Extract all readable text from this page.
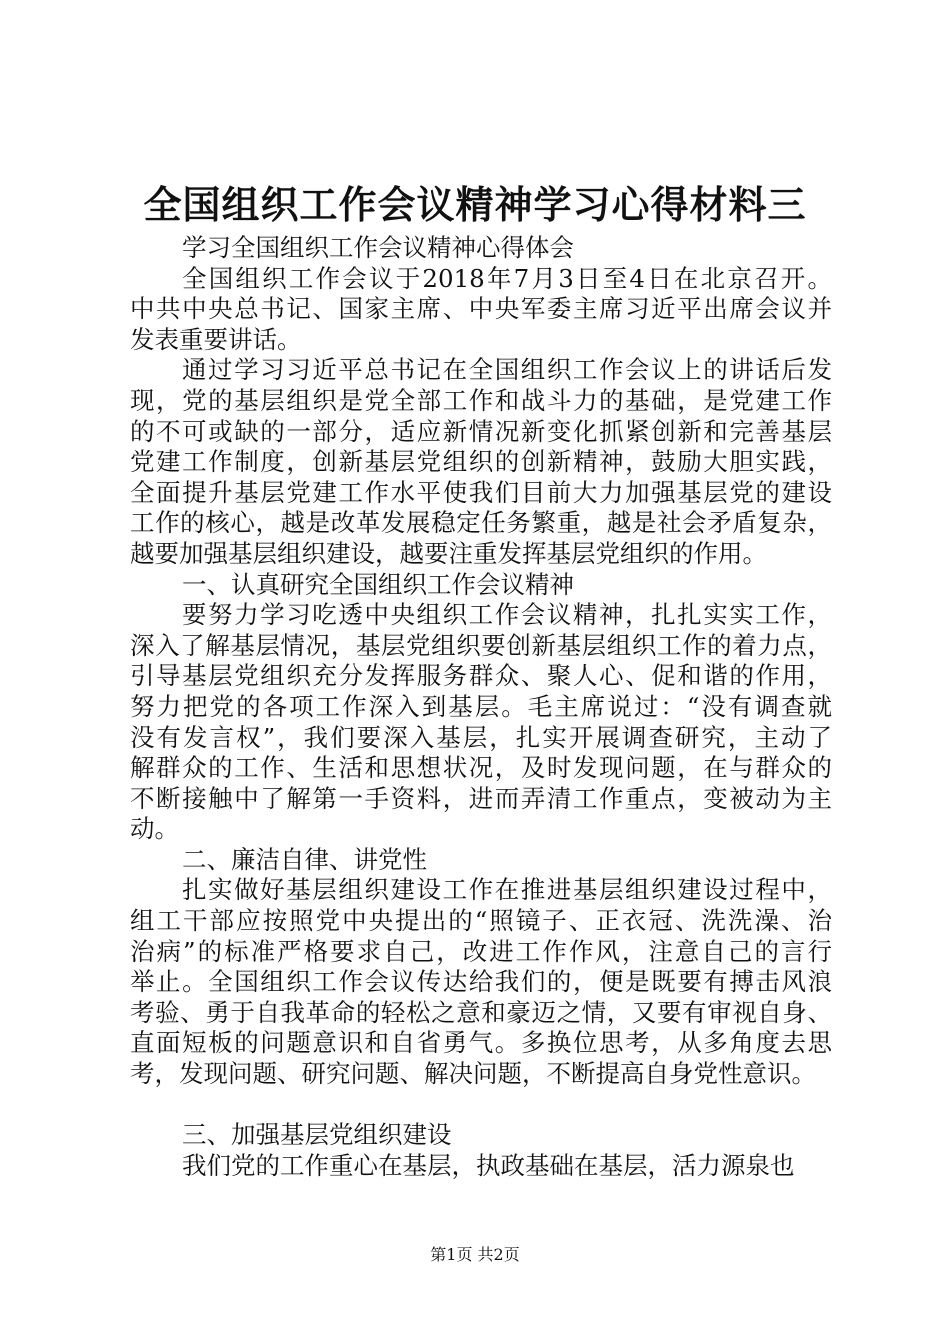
全国组织工作会议精神学习心得材料三
学习全国组织工作会议精神心得体会
全国组织工作会议于2018年7月3日至4日在北京召开。
中共中央总书记、国家主席、中央军委主席习近平出席会议并
发表重要讲话。
通过学习习近平总书记在全国组织工作会议上的讲话后发
现，党的基层组织是党全部工作和战斗力的基础，是党建工作
的不可或缺的一部分，适应新情况新变化抓紧创新和完善基层
党建工作制度，创新基层党组织的创新精神，鼓励大胆实践，
全面提升基层党建工作水平使我们目前大力加强基层党的建设
工作的核心，越是改革发展稳定任务繁重，越是社会矛盾复杂，
越要加强基层组织建设，越要注重发挥基层党组织的作用。
一、认真研究全国组织工作会议精神
要努力学习吃透中央组织工作会议精神，扎扎实实工作，
深入了解基层情况，基层党组织要创新基层组织工作的着力点，
引导基层党组织充分发挥服务群众、聚人心、促和谐的作用，
努力把党的各项工作深入到基层。毛主席说过：“没有调查就
没有发言权”，我们要深入基层，扎实开展调查研究，主动了
解群众的工作、生活和思想状况，及时发现问题，在与群众的
不断接触中了解第一手资料，进而弄清工作重点，变被动为主
动。
二、廉洁自律、讲党性
扎实做好基层组织建设工作在推进基层组织建设过程中，
组工干部应按照党中央提出的“照镜子、正衣冠、洗洗澡、治
治病”的标准严格要求自己，改进工作作风，注意自己的言行
举止。全国组织工作会议传达给我们的，便是既要有搏击风浪
考验、勇于自我革命的轻松之意和豪迈之情，又要有审视自身、
直面短板的问题意识和自省勇气。多换位思考，从多角度去思
考，发现问题、研究问题、解决问题，不断提高自身党性意识。
三、加强基层党组织建设
我们党的工作重心在基层，执政基础在基层，活力源泉也
第1页 共2页
